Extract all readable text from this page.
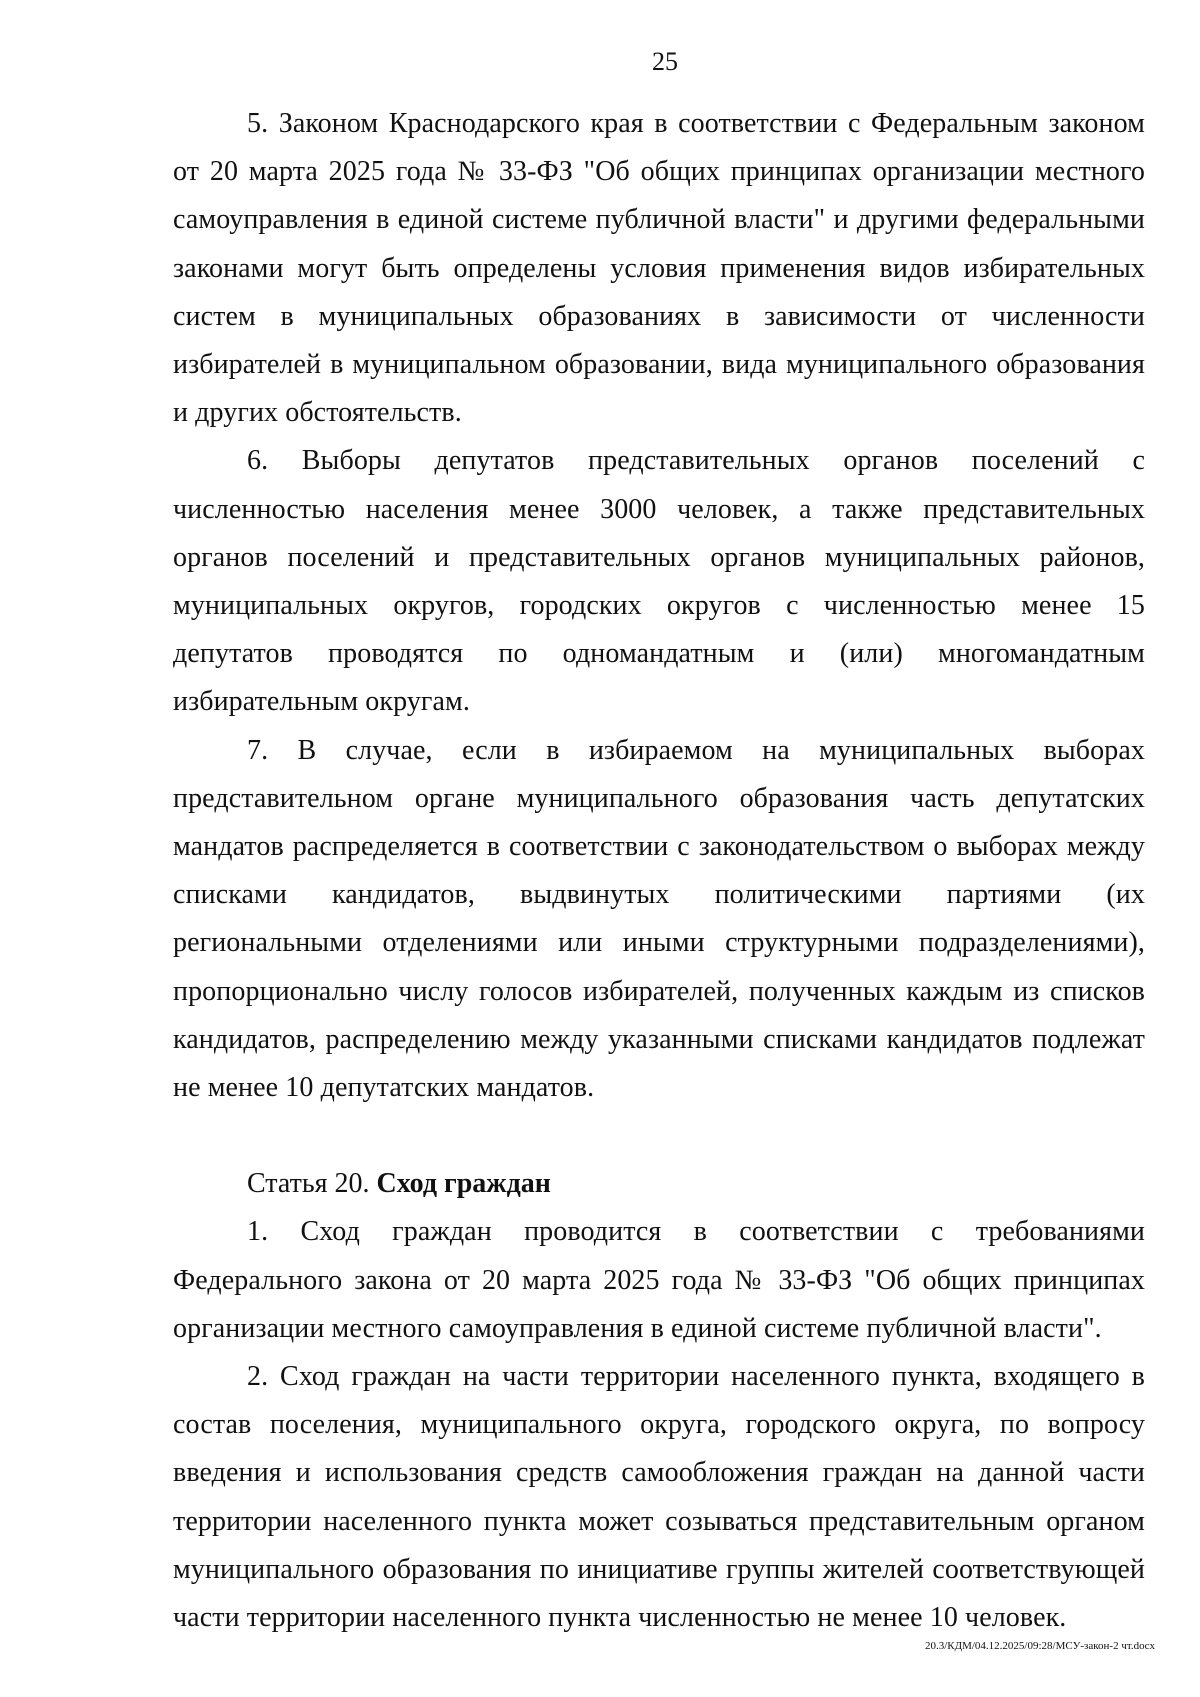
25

5. Законом Краснодарского края в соответствии с Федеральным законом от 20 марта 2025 года № 33-ФЗ "Об общих принципах организации местного самоуправления в единой системе публичной власти" и другими федеральными законами могут быть определены условия применения видов избирательных систем в муниципальных образованиях в зависимости от численности избирателей в муниципальном образовании, вида муниципального образования и других обстоятельств.

6. Выборы депутатов представительных органов поселений с численностью населения менее 3000 человек, а также представительных органов поселений и представительных органов муниципальных районов, муниципальных округов, городских округов с численностью менее 15 депутатов проводятся по одномандатным и (или) многомандатным избирательным округам.

7. В случае, если в избираемом на муниципальных выборах представительном органе муниципального образования часть депутатских мандатов распределяется в соответствии с законодательством о выборах между списками кандидатов, выдвинутых политическими партиями (их региональными отделениями или иными структурными подразделениями), пропорционально числу голосов избирателей, полученных каждым из списков кандидатов, распределению между указанными списками кандидатов подлежат не менее 10 депутатских мандатов.

Статья 20. Сход граждан

1. Сход граждан проводится в соответствии с требованиями Федерального закона от 20 марта 2025 года № 33-ФЗ "Об общих принципах организации местного самоуправления в единой системе публичной власти".

2. Сход граждан на части территории населенного пункта, входящего в состав поселения, муниципального округа, городского округа, по вопросу введения и использования средств самообложения граждан на данной части территории населенного пункта может созываться представительным органом муниципального образования по инициативе группы жителей соответствующей части территории населенного пункта численностью не менее 10 человек.

20.3/КДМ/04.12.2025/09:28/МСУ-закон-2 чт.docx
